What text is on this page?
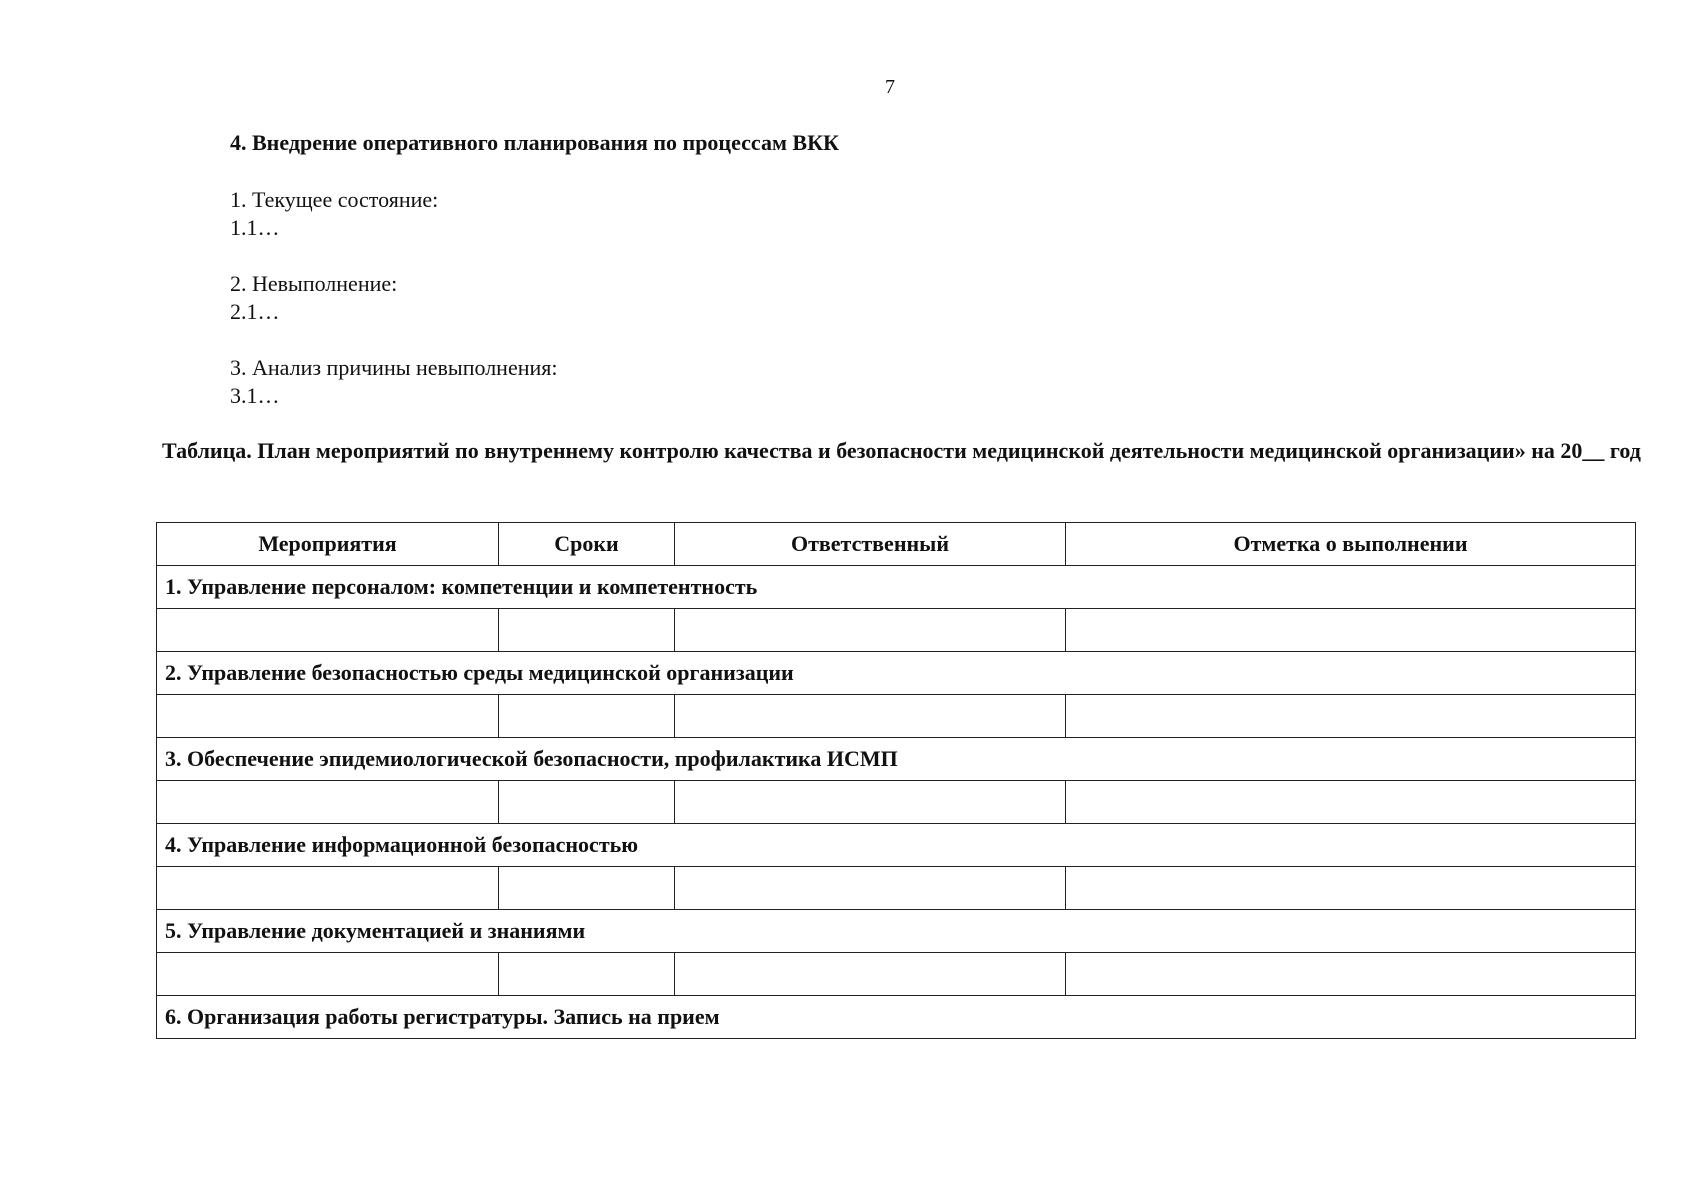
7
4. Внедрение оперативного планирования по процессам ВКК
1. Текущее состояние:
1.1…
2. Невыполнение:
2.1…
3. Анализ причины невыполнения:
3.1…
Таблица. План мероприятий по внутреннему контролю качества и безопасности медицинской деятельности медицинской организации» на 20__ год
Мероприятия	Сроки	Ответственный	Отметка о выполнении
1. Управление персоналом: компетенции и компетентность			

2. Управление безопасностью среды медицинской организации			

3. Обеспечение эпидемиологической безопасности, профилактика ИСМП			

4. Управление информационной безопасностью			

5. Управление документацией и знаниями			

6. Организация работы регистратуры. Запись на прием			
